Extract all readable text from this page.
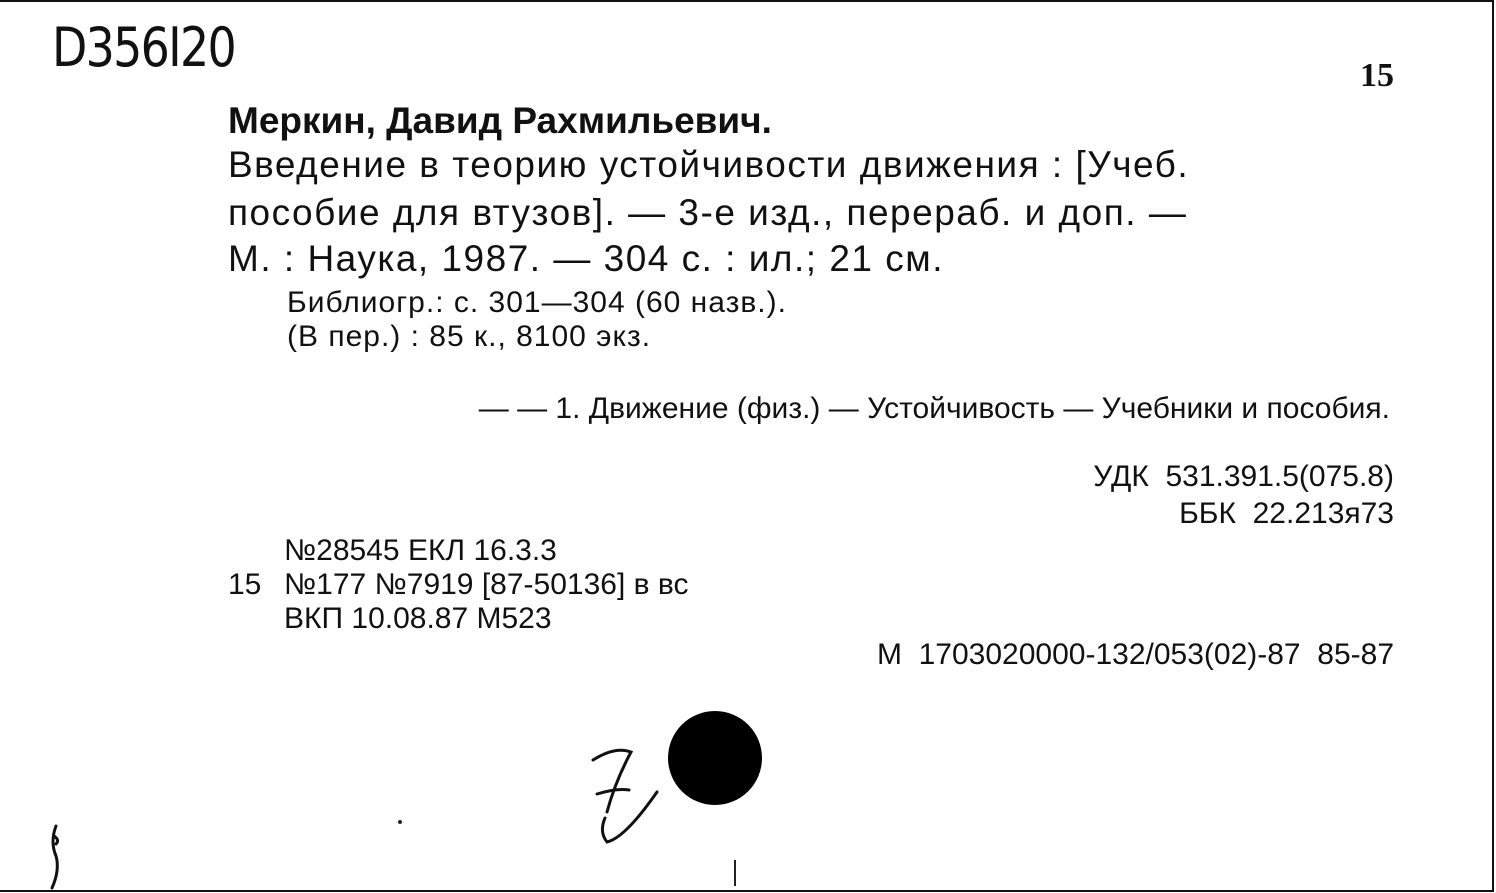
D356I20	15
Меркин, Давид Рахмильевич.
Введение в теорию устойчивости движения : [Учеб.
пособие для втузов]. — 3-е изд., перераб. и доп. —
М. : Наука, 1987. — 304 с. : ил.; 21 см.
Библиогр.: с. 301—304 (60 назв.).
(В пер.) : 85 к., 8100 экз.
— — 1. Движение (физ.) — Устойчивость — Учебники и пособия.
УДК  531.391.5(075.8)
ББК  22.213я73
№28545 ЕКЛ 16.3.3
15 №177 №7919 [87-50136] в вс
ВКП 10.08.87 М523
М  1703020000-132/053(02)-87  85-87
